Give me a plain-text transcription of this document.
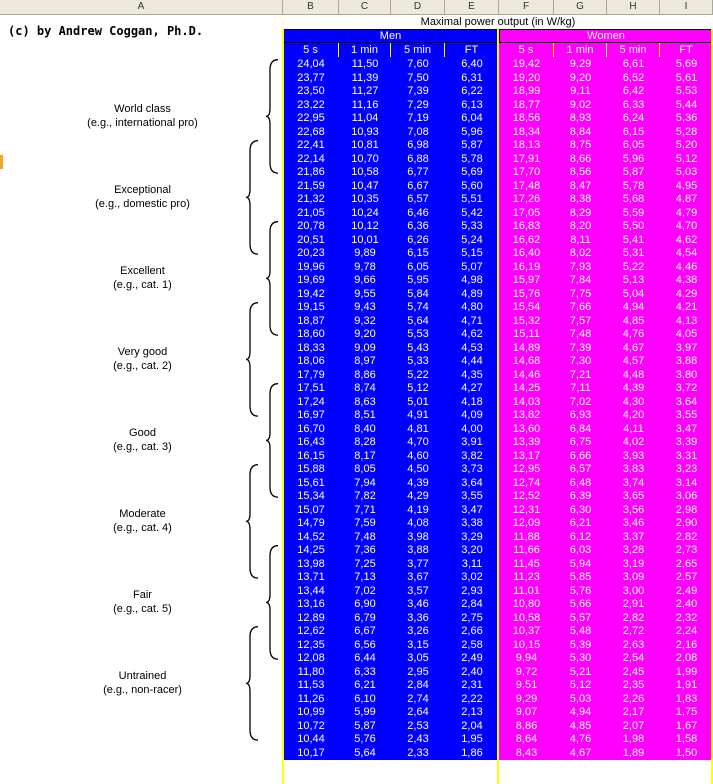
A	B	C	D	E	F	G	H	I
(c) by Andrew Coggan, Ph.D.
Maximal power output (in W/kg)
Men	Women
5 s	1 min	5 min	FT	5 s	1 min	5 min	FT
24,04	11,50	7,60	6,40	19,42	9,29	6,61	5,69
23,77	11,39	7,50	6,31	19,20	9,20	6,52	5,61
23,50	11,27	7,39	6,22	18,99	9,11	6,42	5,53
23,22	11,16	7,29	6,13	18,77	9,02	6,33	5,44
22,95	11,04	7,19	6,04	18,56	8,93	6,24	5,36
22,68	10,93	7,08	5,96	18,34	8,84	6,15	5,28
22,41	10,81	6,98	5,87	18,13	8,75	6,05	5,20
22,14	10,70	6,88	5,78	17,91	8,66	5,96	5,12
21,86	10,58	6,77	5,69	17,70	8,56	5,87	5,03
21,59	10,47	6,67	5,60	17,48	8,47	5,78	4,95
21,32	10,35	6,57	5,51	17,26	8,38	5,68	4,87
21,05	10,24	6,46	5,42	17,05	8,29	5,59	4,79
20,78	10,12	6,36	5,33	16,83	8,20	5,50	4,70
20,51	10,01	6,26	5,24	16,62	8,11	5,41	4,62
20,23	9,89	6,15	5,15	16,40	8,02	5,31	4,54
19,96	9,78	6,05	5,07	16,19	7,93	5,22	4,46
19,69	9,66	5,95	4,98	15,97	7,84	5,13	4,38
19,42	9,55	5,84	4,89	15,76	7,75	5,04	4,29
19,15	9,43	5,74	4,80	15,54	7,66	4,94	4,21
18,87	9,32	5,64	4,71	15,32	7,57	4,85	4,13
18,60	9,20	5,53	4,62	15,11	7,48	4,76	4,05
18,33	9,09	5,43	4,53	14,89	7,39	4,67	3,97
18,06	8,97	5,33	4,44	14,68	7,30	4,57	3,88
17,79	8,86	5,22	4,35	14,46	7,21	4,48	3,80
17,51	8,74	5,12	4,27	14,25	7,11	4,39	3,72
17,24	8,63	5,01	4,18	14,03	7,02	4,30	3,64
16,97	8,51	4,91	4,09	13,82	6,93	4,20	3,55
16,70	8,40	4,81	4,00	13,60	6,84	4,11	3,47
16,43	8,28	4,70	3,91	13,39	6,75	4,02	3,39
16,15	8,17	4,60	3,82	13,17	6,66	3,93	3,31
15,88	8,05	4,50	3,73	12,95	6,57	3,83	3,23
15,61	7,94	4,39	3,64	12,74	6,48	3,74	3,14
15,34	7,82	4,29	3,55	12,52	6,39	3,65	3,06
15,07	7,71	4,19	3,47	12,31	6,30	3,56	2,98
14,79	7,59	4,08	3,38	12,09	6,21	3,46	2,90
14,52	7,48	3,98	3,29	11,88	6,12	3,37	2,82
14,25	7,36	3,88	3,20	11,66	6,03	3,28	2,73
13,98	7,25	3,77	3,11	11,45	5,94	3,19	2,65
13,71	7,13	3,67	3,02	11,23	5,85	3,09	2,57
13,44	7,02	3,57	2,93	11,01	5,76	3,00	2,49
13,16	6,90	3,46	2,84	10,80	5,66	2,91	2,40
12,89	6,79	3,36	2,75	10,58	5,57	2,82	2,32
12,62	6,67	3,26	2,66	10,37	5,48	2,72	2,24
12,35	6,56	3,15	2,58	10,15	5,39	2,63	2,16
12,08	6,44	3,05	2,49	9,94	5,30	2,54	2,08
11,80	6,33	2,95	2,40	9,72	5,21	2,45	1,99
11,53	6,21	2,84	2,31	9,51	5,12	2,35	1,91
11,26	6,10	2,74	2,22	9,29	5,03	2,26	1,83
10,99	5,99	2,64	2,13	9,07	4,94	2,17	1,75
10,72	5,87	2,53	2,04	8,86	4,85	2,07	1,67
10,44	5,76	2,43	1,95	8,64	4,76	1,98	1,58
10,17	5,64	2,33	1,86	8,43	4,67	1,89	1,50
World class
(e.g., international pro)
Exceptional
(e.g., domestic pro)
Excellent
(e.g., cat. 1)
Very good
(e.g., cat. 2)
Good
(e.g., cat. 3)
Moderate
(e.g., cat. 4)
Fair
(e.g., cat. 5)
Untrained
(e.g., non-racer)
